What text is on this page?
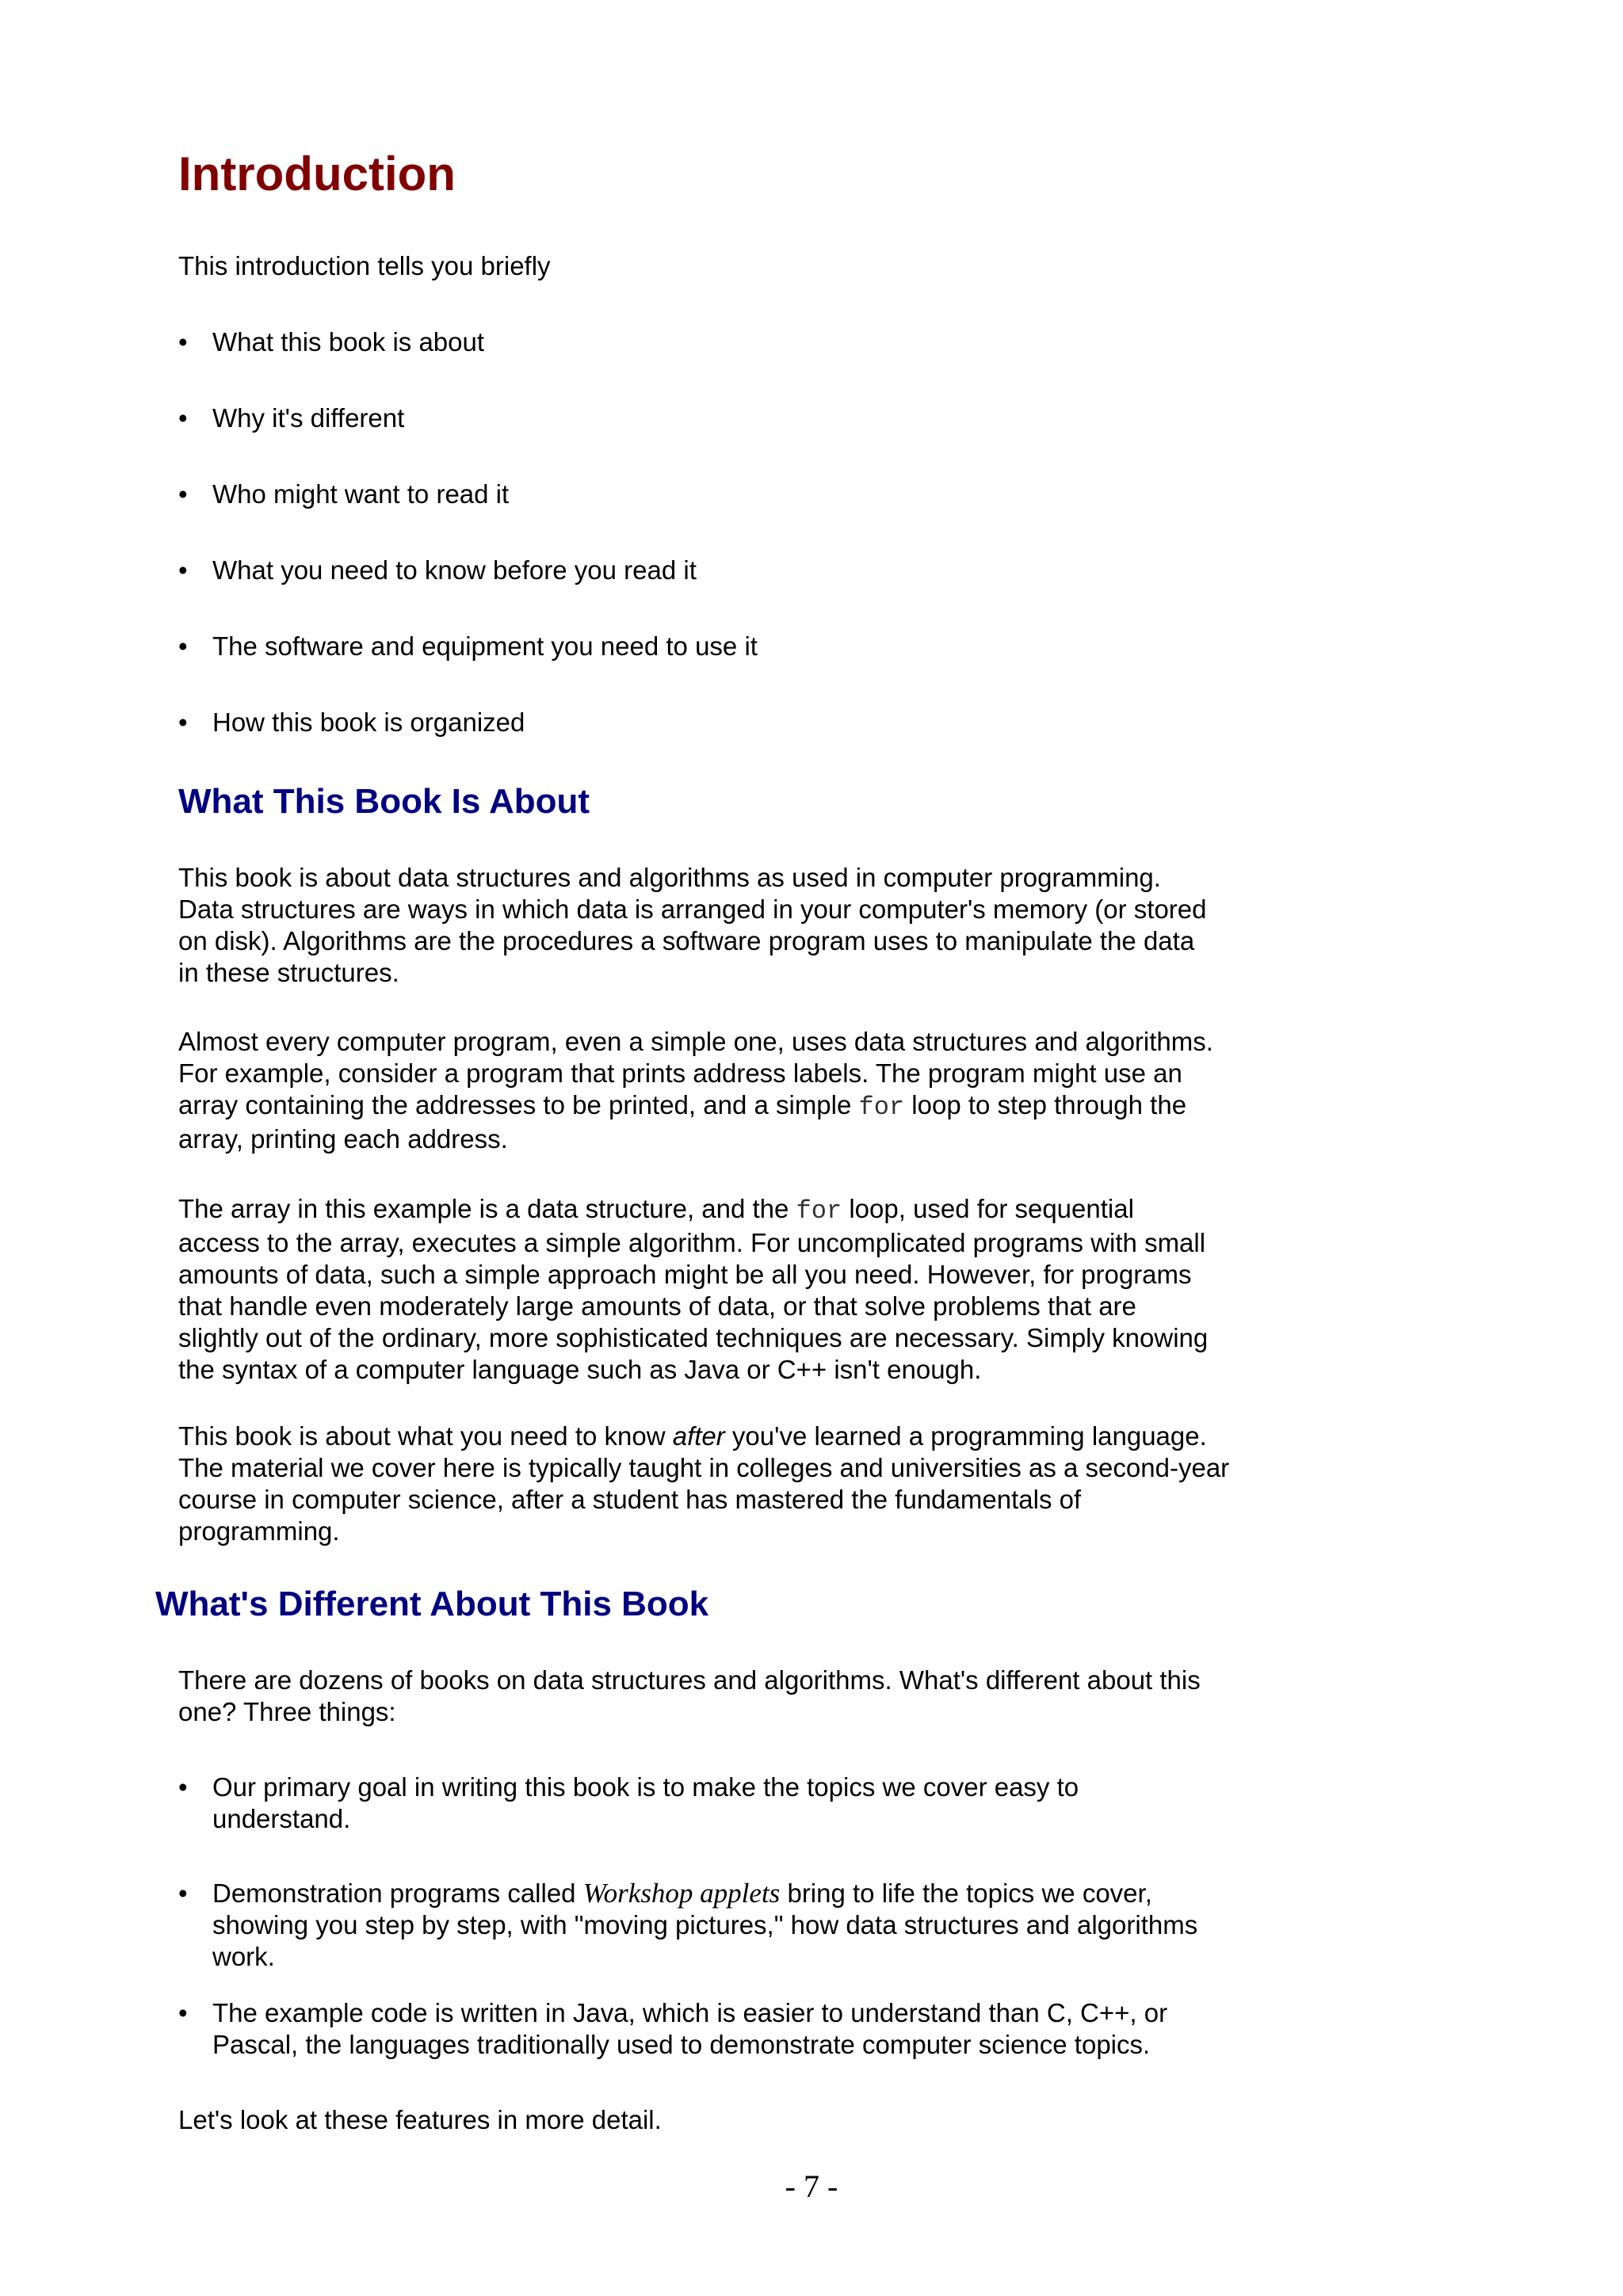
Introduction

This introduction tells you briefly

• What this book is about
• Why it's different
• Who might want to read it
• What you need to know before you read it
• The software and equipment you need to use it
• How this book is organized
What This Book Is About

This book is about data structures and algorithms as used in computer programming.
Data structures are ways in which data is arranged in your computer's memory (or stored
on disk). Algorithms are the procedures a software program uses to manipulate the data
in these structures.

Almost every computer program, even a simple one, uses data structures and algorithms.
For example, consider a program that prints address labels. The program might use an
array containing the addresses to be printed, and a simple for loop to step through the
array, printing each address.

The array in this example is a data structure, and the for loop, used for sequential
access to the array, executes a simple algorithm. For uncomplicated programs with small
amounts of data, such a simple approach might be all you need. However, for programs
that handle even moderately large amounts of data, or that solve problems that are
slightly out of the ordinary, more sophisticated techniques are necessary. Simply knowing
the syntax of a computer language such as Java or C++ isn't enough.

This book is about what you need to know after you've learned a programming language.
The material we cover here is typically taught in colleges and universities as a second-year
course in computer science, after a student has mastered the fundamentals of
programming.

What's Different About This Book

There are dozens of books on data structures and algorithms. What's different about this
one? Three things:

• Our primary goal in writing this book is to make the topics we cover easy to
understand.
• Demonstration programs called Workshop applets bring to life the topics we cover,
showing you step by step, with "moving pictures," how data structures and algorithms
work.
• The example code is written in Java, which is easier to understand than C, C++, or
Pascal, the languages traditionally used to demonstrate computer science topics.

Let's look at these features in more detail.

- 7 -
